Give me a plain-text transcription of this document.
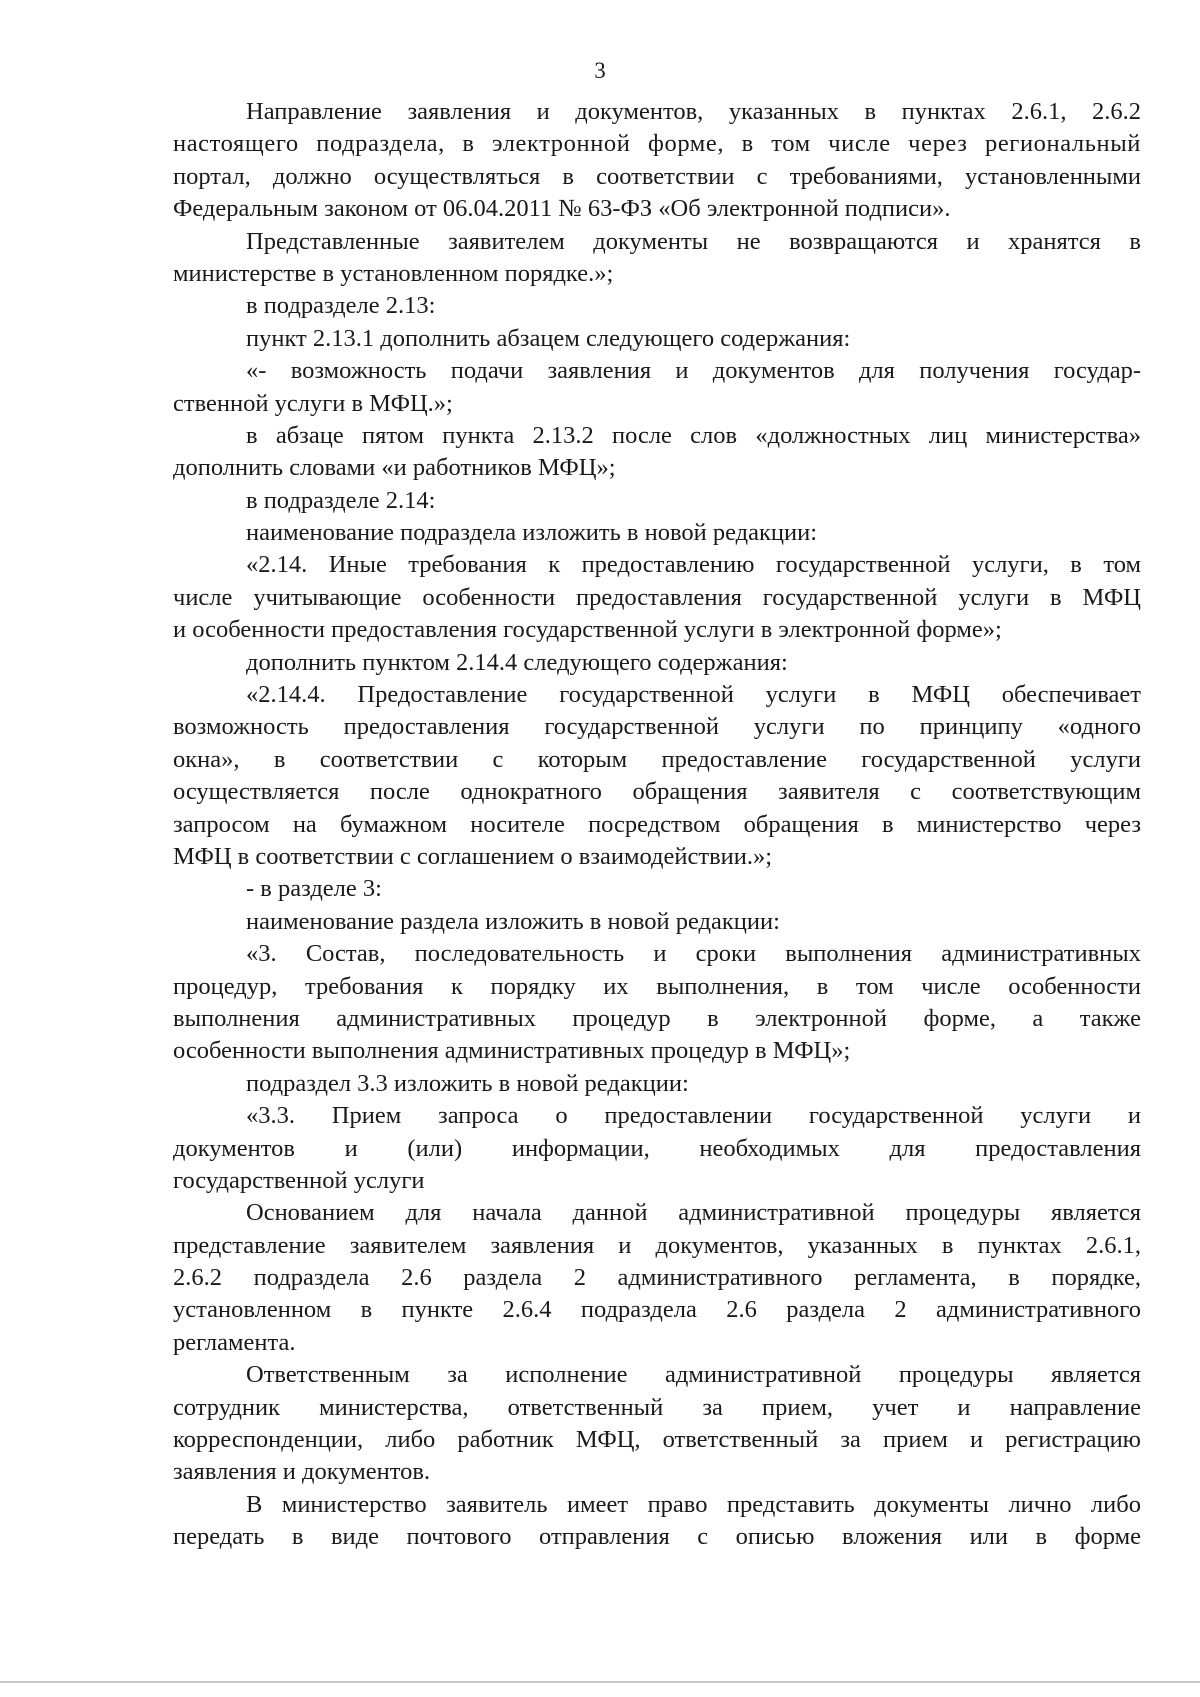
3
Направление заявления и документов, указанных в пунктах 2.6.1, 2.6.2
настоящего подраздела, в электронной форме, в том числе через региональный
портал, должно осуществляться в соответствии с требованиями, установленными
Федеральным законом от 06.04.2011 № 63-ФЗ «Об электронной подписи».
Представленные заявителем документы не возвращаются и хранятся в
министерстве в установленном порядке.»;
в подразделе 2.13:
пункт 2.13.1 дополнить абзацем следующего содержания:
«- возможность подачи заявления и документов для получения государ-
ственной услуги в МФЦ.»;
в абзаце пятом пункта 2.13.2 после слов «должностных лиц министерства»
дополнить словами «и работников МФЦ»;
в подразделе 2.14:
наименование подраздела изложить в новой редакции:
«2.14. Иные требования к предоставлению государственной услуги, в том
числе учитывающие особенности предоставления государственной услуги в МФЦ
и особенности предоставления государственной услуги в электронной форме»;
дополнить пунктом 2.14.4 следующего содержания:
«2.14.4. Предоставление государственной услуги в МФЦ обеспечивает
возможность предоставления государственной услуги по принципу «одного
окна», в соответствии с которым предоставление государственной услуги
осуществляется после однократного обращения заявителя с соответствующим
запросом на бумажном носителе посредством обращения в министерство через
МФЦ в соответствии с соглашением о взаимодействии.»;
- в разделе 3:
наименование раздела изложить в новой редакции:
«3. Состав, последовательность и сроки выполнения административных
процедур, требования к порядку их выполнения, в том числе особенности
выполнения административных процедур в электронной форме, а также
особенности выполнения административных процедур в МФЦ»;
подраздел 3.3 изложить в новой редакции:
«3.3. Прием запроса о предоставлении государственной услуги и
документов и (или) информации, необходимых для предоставления
государственной услуги
Основанием для начала данной административной процедуры является
представление заявителем заявления и документов, указанных в пунктах 2.6.1,
2.6.2 подраздела 2.6 раздела 2 административного регламента, в порядке,
установленном в пункте 2.6.4 подраздела 2.6 раздела 2 административного
регламента.
Ответственным за исполнение административной процедуры является
сотрудник министерства, ответственный за прием, учет и направление
корреспонденции, либо работник МФЦ, ответственный за прием и регистрацию
заявления и документов.
В министерство заявитель имеет право представить документы лично либо
передать в виде почтового отправления с описью вложения или в форме
